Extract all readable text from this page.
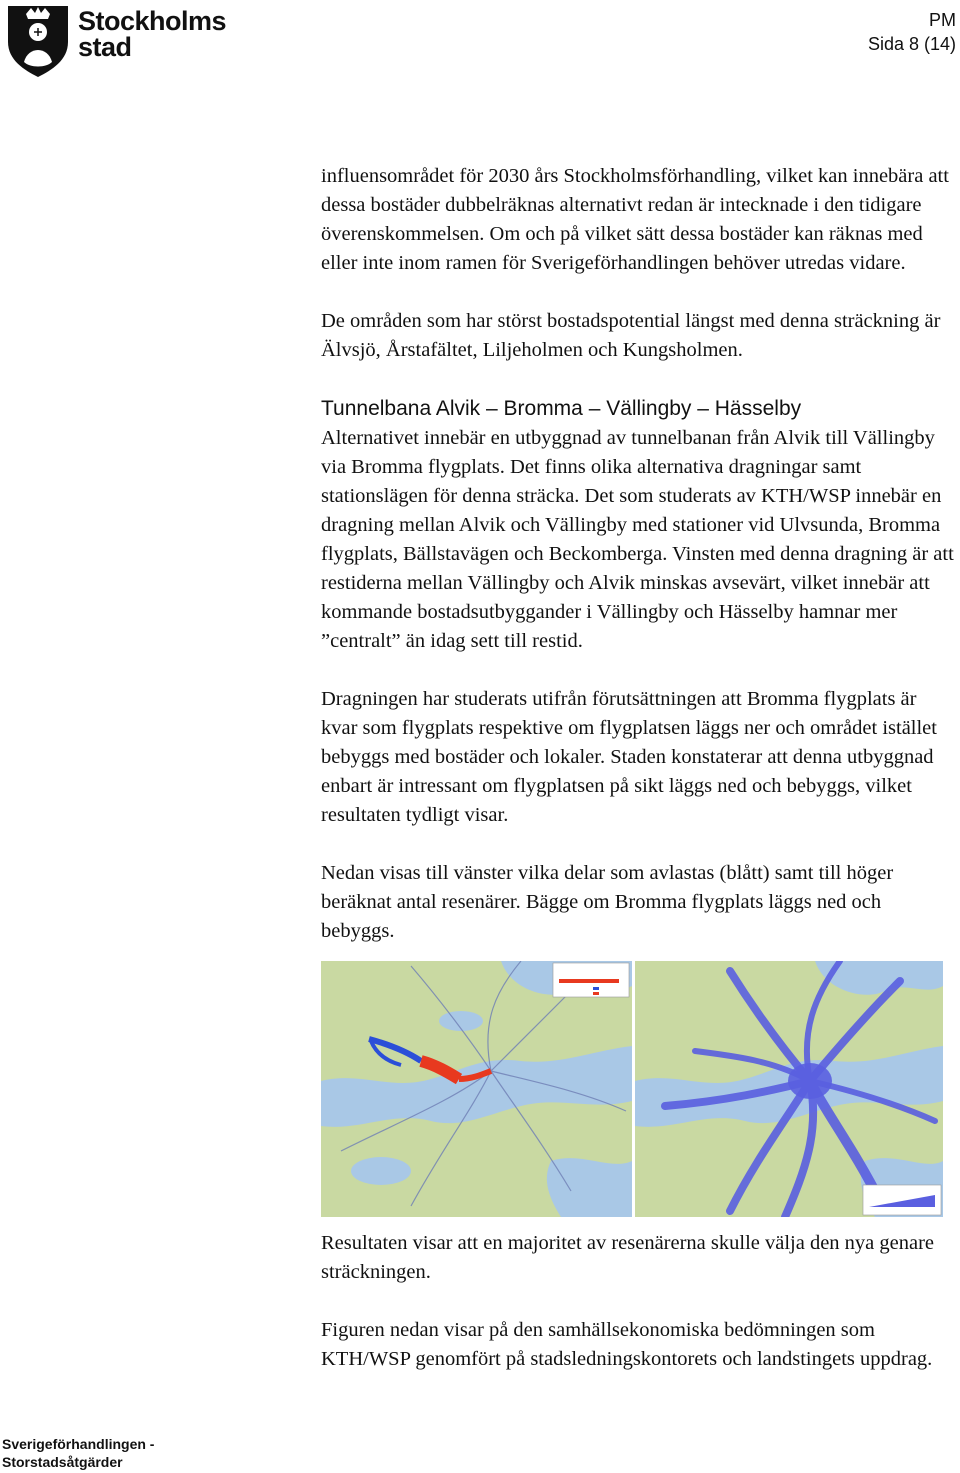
Stockholms
stad
PM
Sida 8 (14)

influensområdet för 2030 års Stockholmsförhandling, vilket kan innebära att dessa bostäder dubbelräknas alternativt redan är intecknade i den tidigare överenskommelsen. Om och på vilket sätt dessa bostäder kan räknas med eller inte inom ramen för Sverigeförhandlingen behöver utredas vidare.

De områden som har störst bostadspotential längst med denna sträckning är Älvsjö, Årstafältet, Liljeholmen och Kungsholmen.

Tunnelbana Alvik – Bromma – Vällingby – Hässelby

Alternativet innebär en utbyggnad av tunnelbanan från Alvik till Vällingby via Bromma flygplats. Det finns olika alternativa dragningar samt stationslägen för denna sträcka. Det som studerats av KTH/WSP innebär en dragning mellan Alvik och Vällingby med stationer vid Ulvsunda, Bromma flygplats, Bällstavägen och Beckomberga. Vinsten med denna dragning är att restiderna mellan Vällingby och Alvik minskas avsevärt, vilket innebär att kommande bostadsutbyggander i Vällingby och Hässelby hamnar mer ”centralt” än idag sett till restid.

Dragningen har studerats utifrån förutsättningen att Bromma flygplats är kvar som flygplats respektive om flygplatsen läggs ner och området istället bebyggs med bostäder och lokaler. Staden konstaterar att denna utbyggnad enbart är intressant om flygplatsen på sikt läggs ned och bebyggs, vilket resultaten tydligt visar.

Nedan visas till vänster vilka delar som avlastas (blått) samt till höger beräknat antal resenärer. Bägge om Bromma flygplats läggs ned och bebyggs.

Resultaten visar att en majoritet av resenärerna skulle välja den nya genare sträckningen.

Figuren nedan visar på den samhällsekonomiska bedömningen som KTH/WSP genomfört på stadsledningskontorets och landstingets uppdrag.

Sverigeförhandlingen -
Storstadsåtgärder
